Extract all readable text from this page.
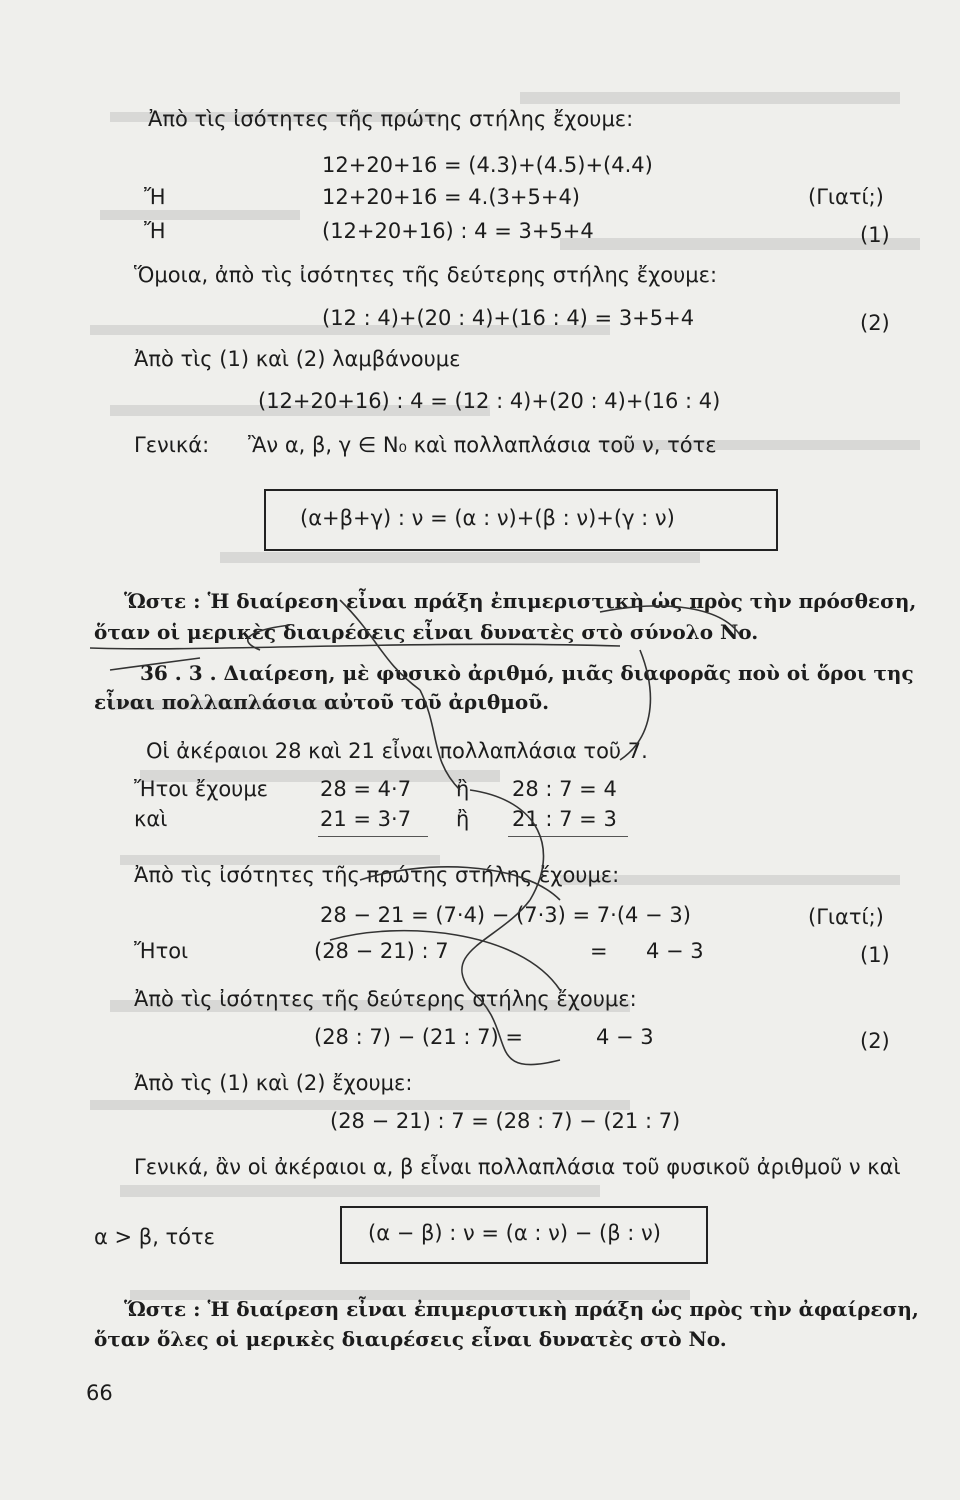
Ἀπὸ τὶς ἰσότητες τῆς πρώτης στήλης ἔχουμε:
12+20+16 = (4.3)+(4.5)+(4.4)
Ἤ	12+20+16 = 4.(3+5+4)	(Γιατί;)
Ἤ	(12+20+16) : 4 = 3+5+4	(1)
Ὅμοια, ἀπὸ τὶς ἰσότητες τῆς δεύτερης στήλης ἔχουμε:
(12 : 4)+(20 : 4)+(16 : 4) = 3+5+4	(2)
Ἀπὸ τὶς (1) καὶ (2) λαμβάνουμε
(12+20+16) : 4 = (12 : 4)+(20 : 4)+(16 : 4)
Γενικά: Ἂν α, β, γ ∈ N₀ καὶ πολλαπλάσια τοῦ ν, τότε
(α+β+γ) : ν = (α : ν)+(β : ν)+(γ : ν)
Ὥστε : Ἡ διαίρεση εἶναι πράξη ἐπιμεριστικὴ ὡς πρὸς τὴν πρόσθεση,
ὅταν οἱ μερικὲς διαιρέσεις εἶναι δυνατὲς στὸ σύνολο No.
36 . 3 . Διαίρεση, μὲ φυσικὸ ἀριθμό, μιᾶς διαφορᾶς ποὺ οἱ ὅροι της
εἶναι πολλαπλάσια αὐτοῦ τοῦ ἀριθμοῦ.
Οἱ ἀκέραιοι 28 καὶ 21 εἶναι πολλαπλάσια τοῦ 7.
Ἤτοι ἔχουμε 28 = 4·7 ἢ 28 : 7 = 4
καὶ	21 = 3·7 ἢ 21 : 7 = 3
Ἀπὸ τὶς ἰσότητες τῆς πρώτης στήλης ἔχουμε:
28 − 21 = (7·4) − (7·3) = 7·(4 − 3)	(Γιατί;)
Ἤτοι	(28 − 21) : 7	= 4 − 3	(1)
Ἀπὸ τὶς ἰσότητες τῆς δεύτερης στήλης ἔχουμε:
(28 : 7) − (21 : 7) =	4 − 3	(2)
Ἀπὸ τὶς (1) καὶ (2) ἔχουμε:
(28 − 21) : 7 = (28 : 7) − (21 : 7)
Γενικά, ἂν οἱ ἀκέραιοι α, β εἶναι πολλαπλάσια τοῦ φυσικοῦ ἀριθμοῦ ν καὶ
α > β, τότε	(α − β) : ν = (α : ν) − (β : ν)
Ὥστε : Ἡ διαίρεση εἶναι ἐπιμεριστικὴ πράξη ὡς πρὸς τὴν ἀφαίρεση,
ὅταν ὅλες οἱ μερικὲς διαιρέσεις εἶναι δυνατὲς στὸ No.
66
